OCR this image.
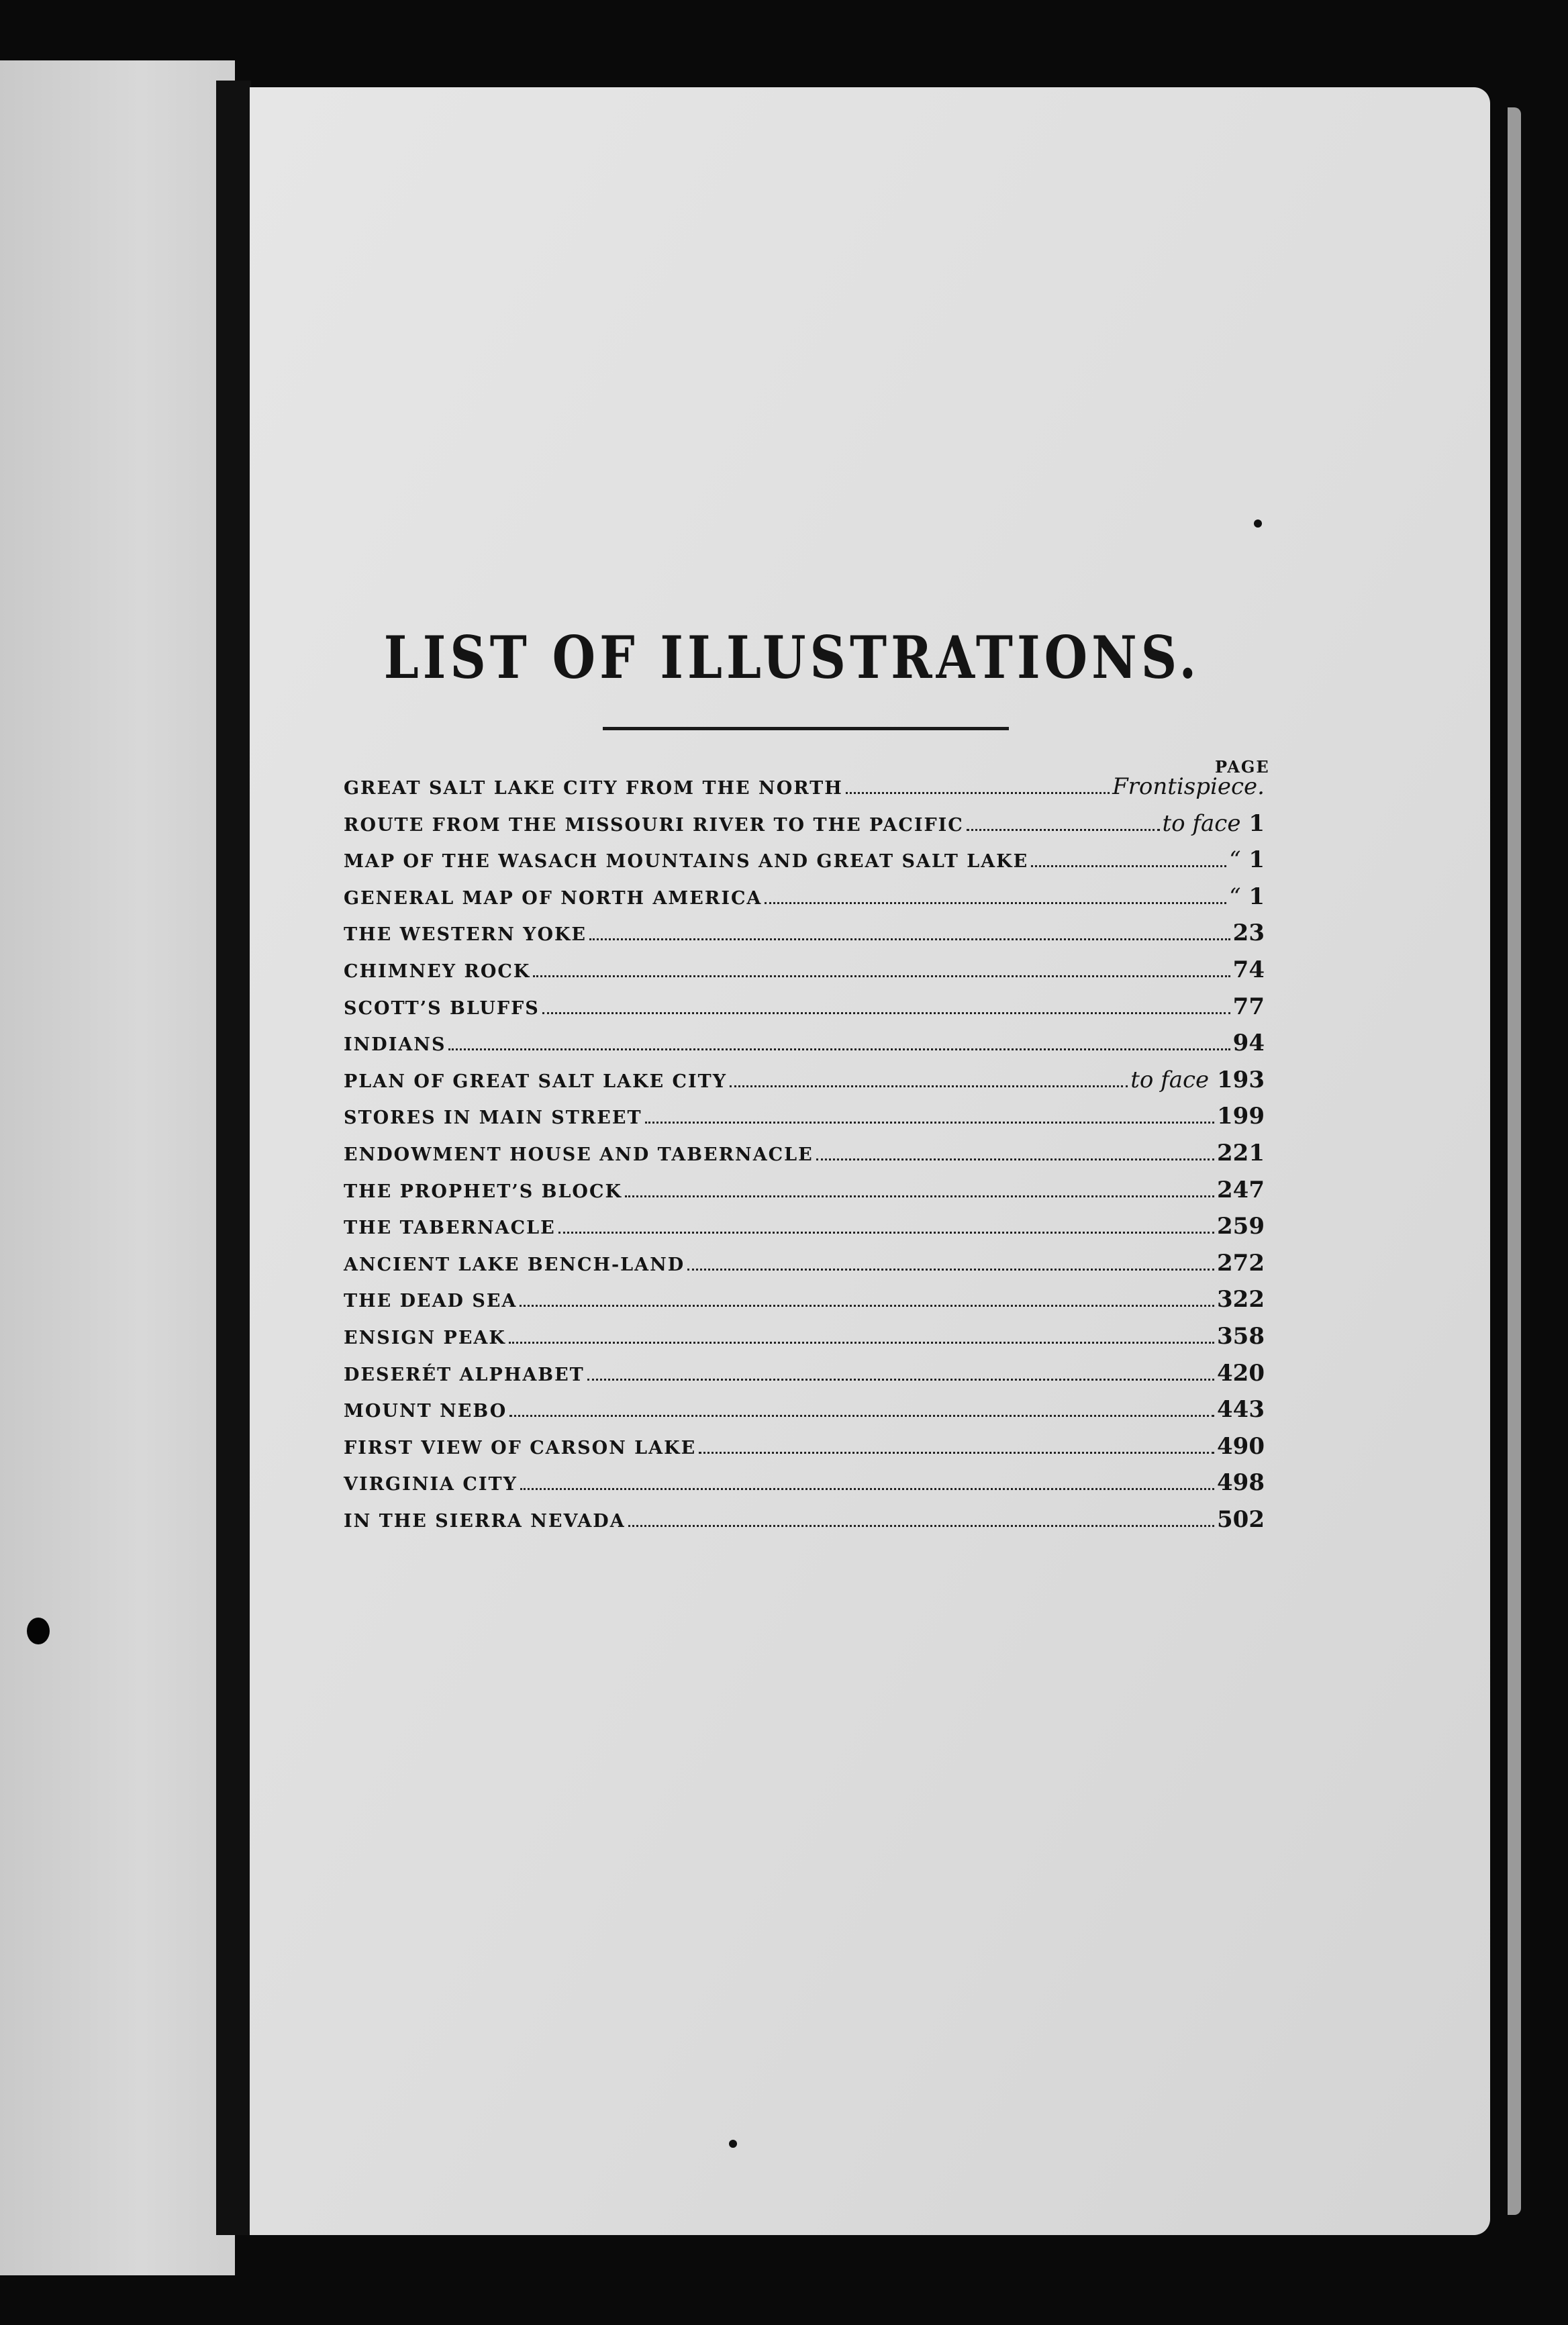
LIST OF ILLUSTRATIONS.
PAGE
GREAT SALT LAKE CITY FROM THE NORTH	Frontispiece.
ROUTE FROM THE MISSOURI RIVER TO THE PACIFIC	to face 1
MAP OF THE WASACH MOUNTAINS AND GREAT SALT LAKE	“ 1
GENERAL MAP OF NORTH AMERICA	“ 1
THE WESTERN YOKE	23
CHIMNEY ROCK	74
SCOTT’S BLUFFS	77
INDIANS	94
PLAN OF GREAT SALT LAKE CITY	to face 193
STORES IN MAIN STREET	199
ENDOWMENT HOUSE AND TABERNACLE	221
THE PROPHET’S BLOCK	247
THE TABERNACLE	259
ANCIENT LAKE BENCH-LAND	272
THE DEAD SEA	322
ENSIGN PEAK	358
DESERÉT ALPHABET	420
MOUNT NEBO	443
FIRST VIEW OF CARSON LAKE	490
VIRGINIA CITY	498
IN THE SIERRA NEVADA	502
